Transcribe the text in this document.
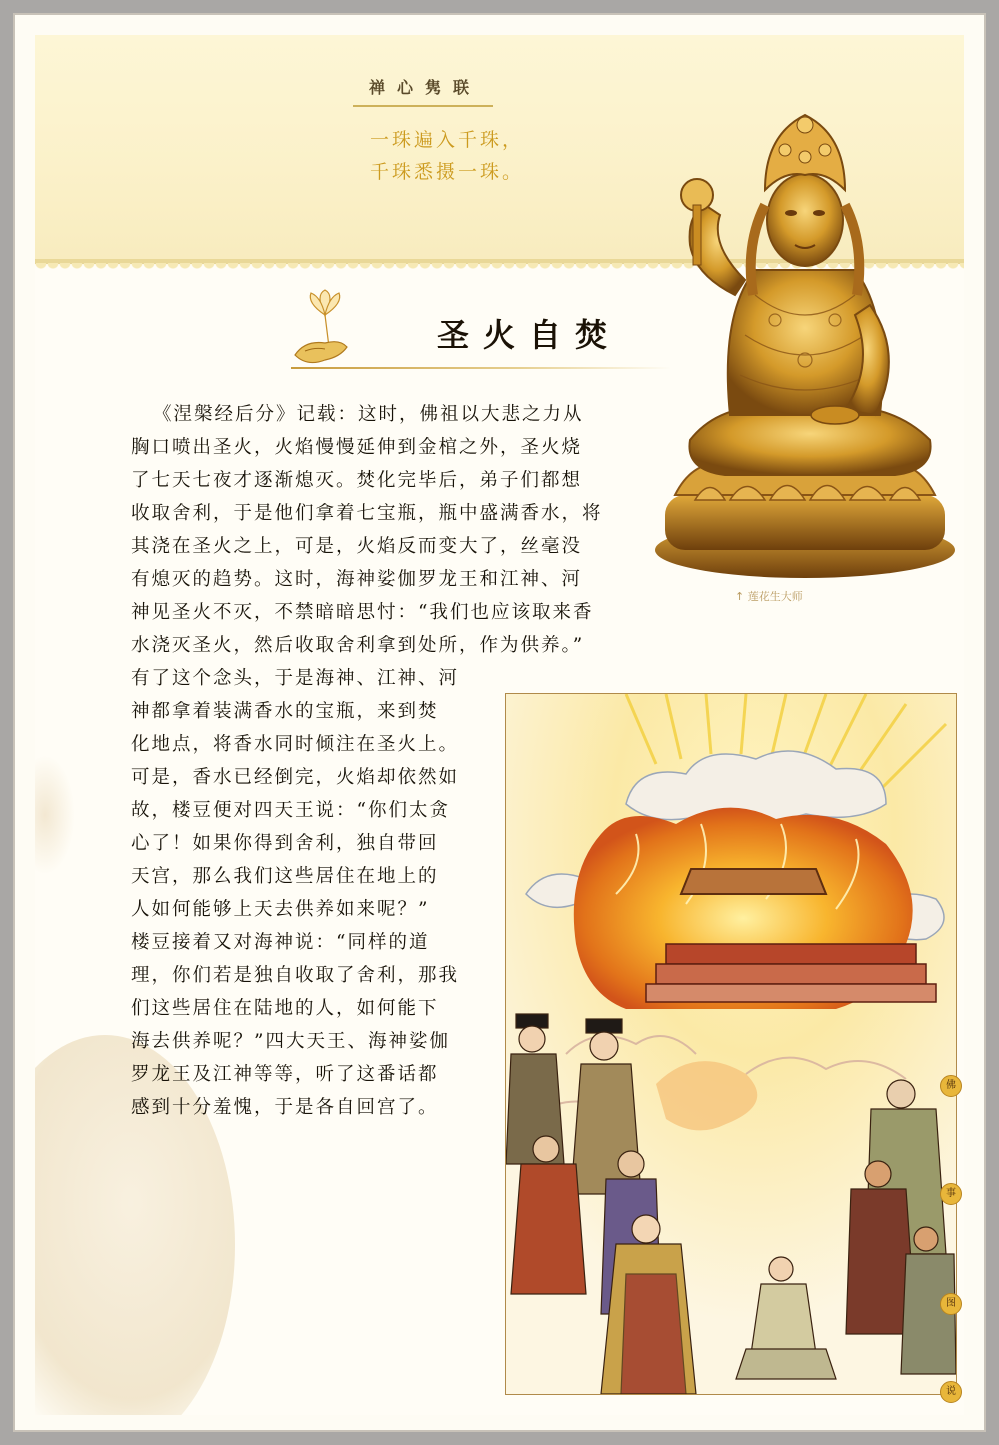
禅心隽联
一珠遍入千珠，
千珠悉摄一珠。
↑ 莲花生大师
圣火自焚
《涅槃经后分》记载：这时，佛祖以大悲之力从
胸口喷出圣火，火焰慢慢延伸到金棺之外，圣火烧
了七天七夜才逐渐熄灭。焚化完毕后，弟子们都想
收取舍利，于是他们拿着七宝瓶，瓶中盛满香水，将
其浇在圣火之上，可是，火焰反而变大了，丝毫没
有熄灭的趋势。这时，海神娑伽罗龙王和江神、河
神见圣火不灭，不禁暗暗思忖：“我们也应该取来香
水浇灭圣火，然后收取舍利拿到处所，作为供养。”
有了这个念头，于是海神、江神、河
神都拿着装满香水的宝瓶，来到焚
化地点，将香水同时倾注在圣火上。
可是，香水已经倒完，火焰却依然如
故，楼豆便对四天王说：“你们太贪
心了！如果你得到舍利，独自带回
天宫，那么我们这些居住在地上的
人如何能够上天去供养如来呢？”
楼豆接着又对海神说：“同样的道
理，你们若是独自收取了舍利，那我
们这些居住在陆地的人，如何能下
海去供养呢？”四大天王、海神娑伽
罗龙王及江神等等，听了这番话都
感到十分羞愧，于是各自回宫了。
佛
事
图
说
